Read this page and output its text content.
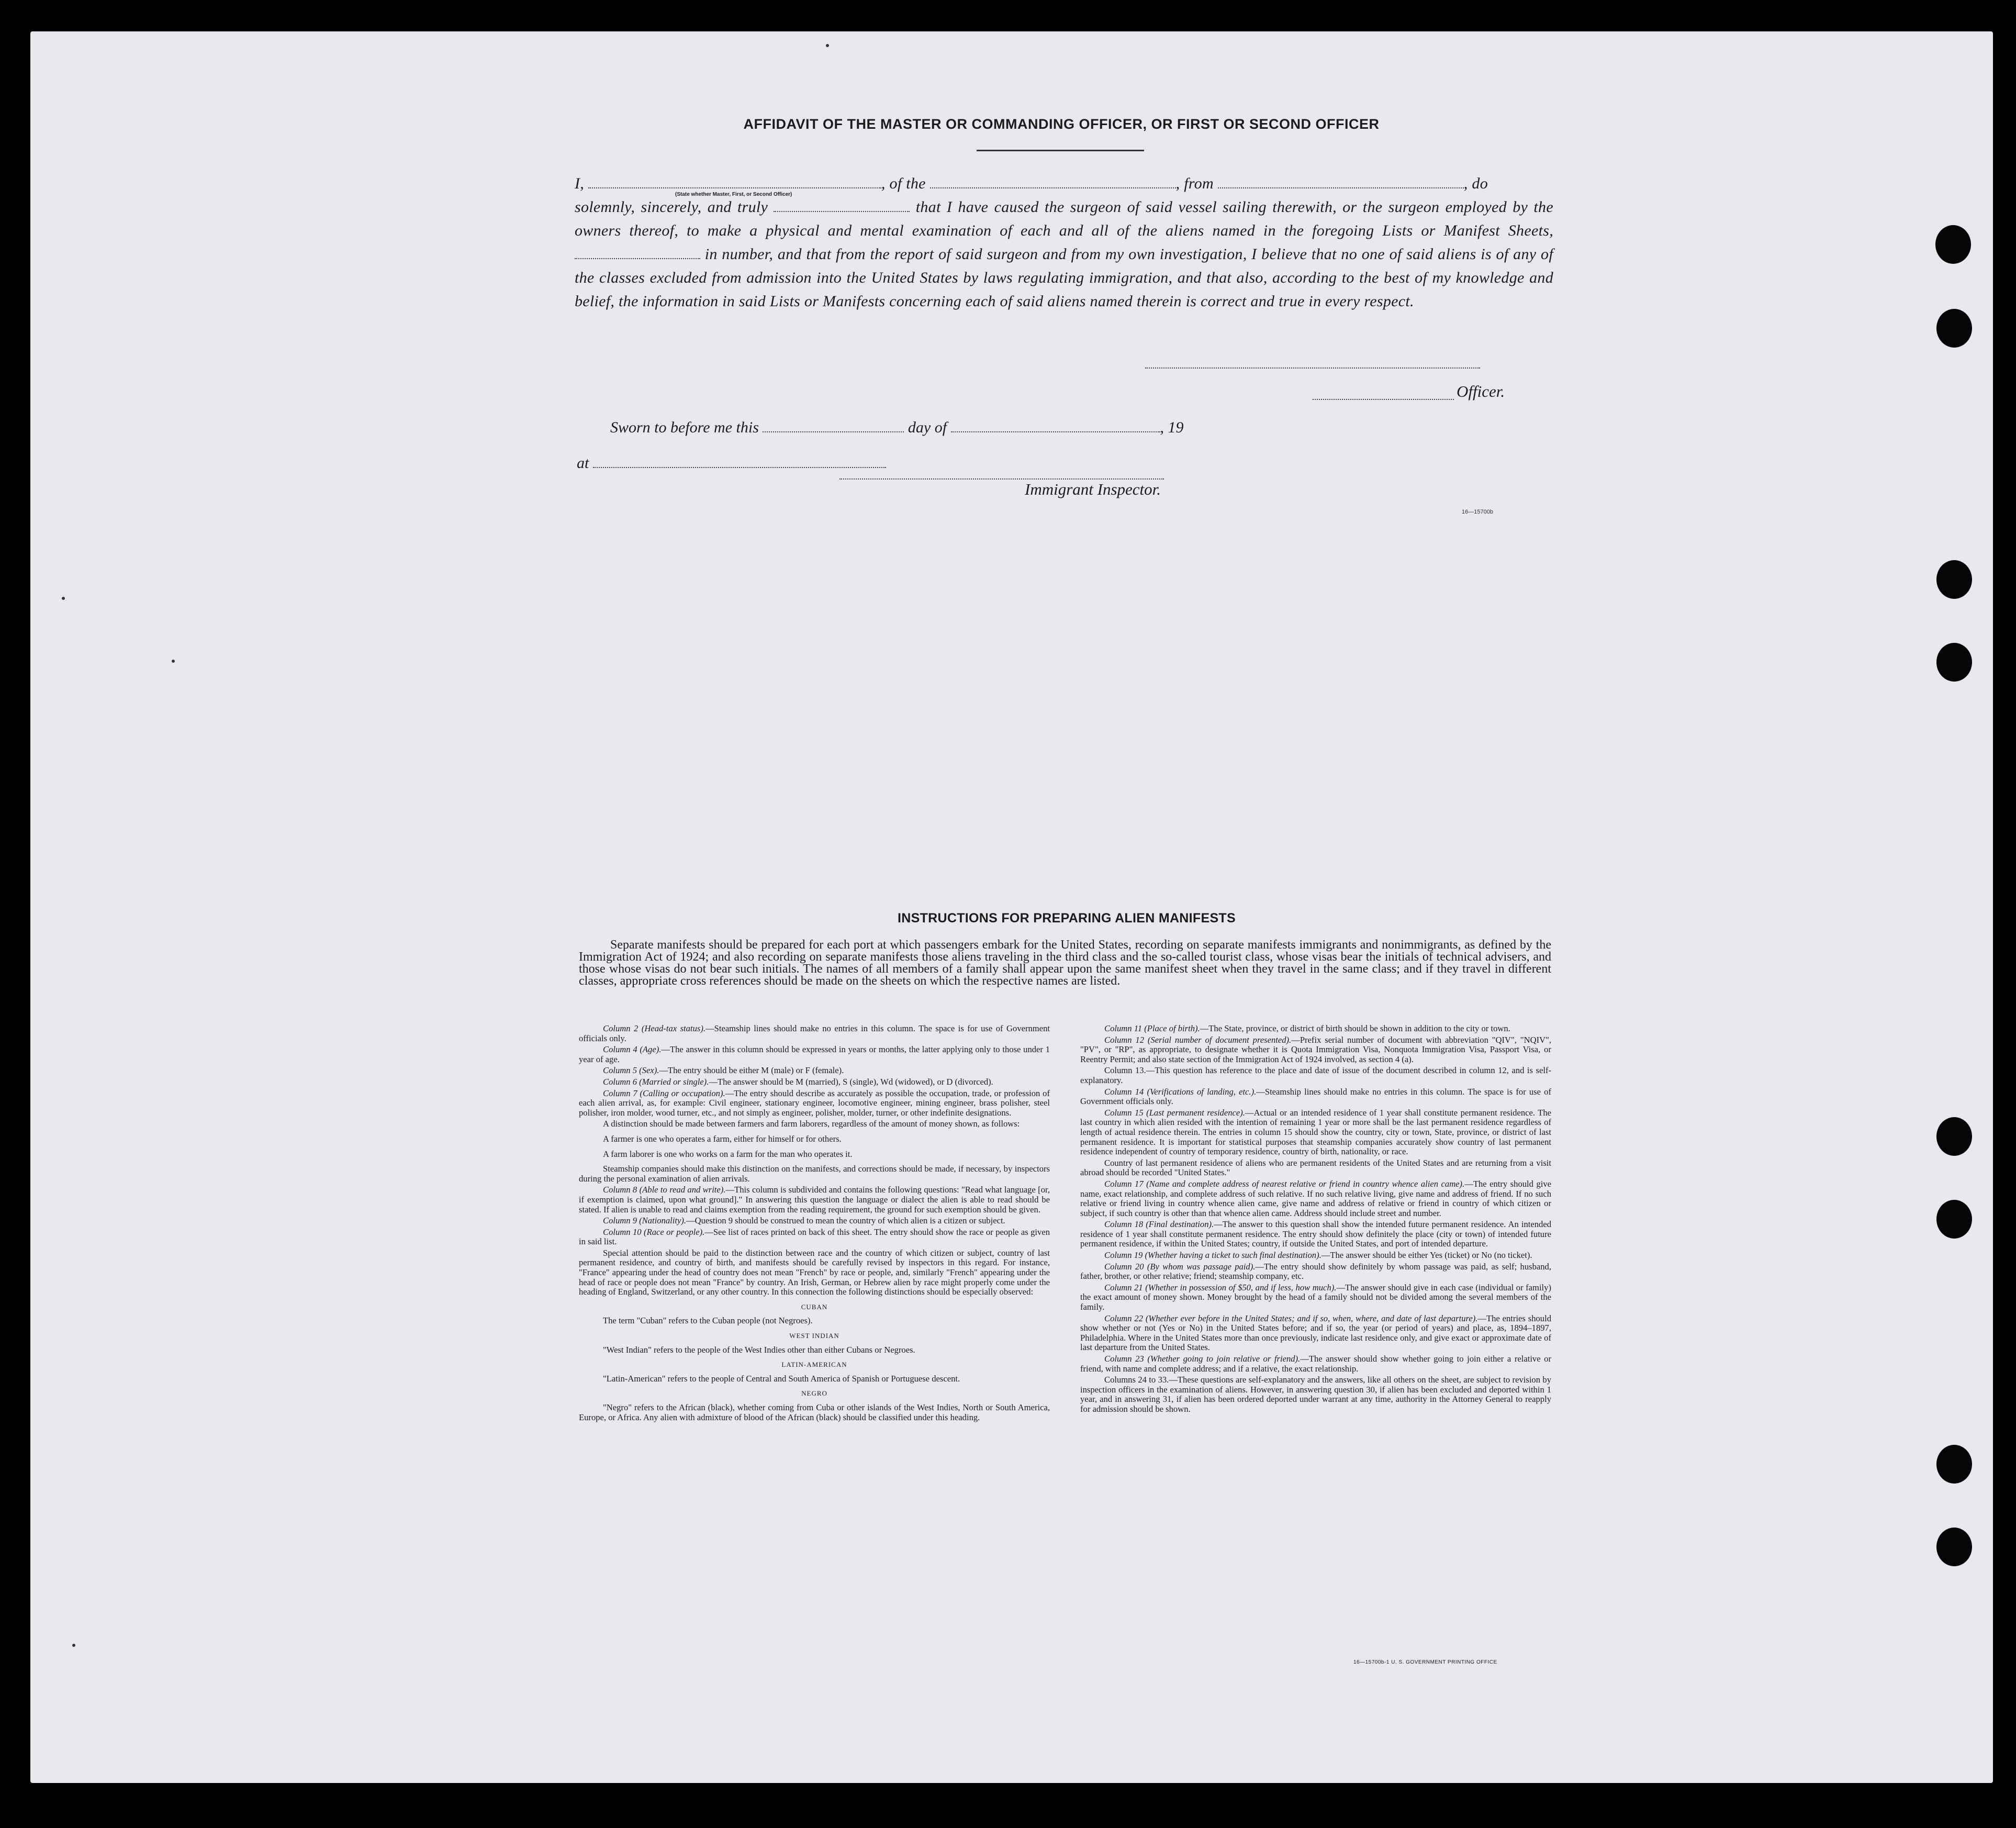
AFFIDAVIT OF THE MASTER OR COMMANDING OFFICER, OR FIRST OR SECOND OFFICER

I,	, of the	, from	, do

solemnly, sincerely, and truly	that I have caused the surgeon of said vessel sailing therewith, or the surgeon employed by the owners thereof, to make a physical and mental examination of each and all of the aliens named in the foregoing Lists or Manifest Sheets,  in number, and that from the report of said surgeon and from my own investigation, I believe that no one of said aliens is of any of the classes excluded from admission into the United States by laws regulating immigration, and that also, according to the best of my knowledge and belief, the information in said Lists or Manifests concerning each of said aliens named therein is correct and true in every respect.

(State whether Master, First, or Second Officer)
Officer.
Sworn to before me this	day of	, 19
at
Immigrant Inspector.
16—15700b
INSTRUCTIONS FOR PREPARING ALIEN MANIFESTS
Separate manifests should be prepared for each port at which passengers embark for the United States, recording on separate manifests immigrants and nonimmigrants, as defined by the Immigration Act of 1924; and also recording on separate manifests those aliens traveling in the third class and the so-called tourist class, whose visas bear the initials of technical advisers, and those whose visas do not bear such initials. The names of all members of a family shall appear upon the same manifest sheet when they travel in the same class; and if they travel in different classes, appropriate cross references should be made on the sheets on which the respective names are listed.

Column 2 (Head-tax status).—Steamship lines should make no entries in this column. The space is for use of Government officials only.

Column 4 (Age).—The answer in this column should be expressed in years or months, the latter applying only to those under 1 year of age.

Column 5 (Sex).—The entry should be either M (male) or F (female).

Column 6 (Married or single).—The answer should be M (married), S (single), Wd (widowed), or D (divorced).

Column 7 (Calling or occupation).—The entry should describe as accurately as possible the occupation, trade, or profession of each alien arrival, as, for example: Civil engineer, stationary engineer, locomotive engineer, mining engineer, brass polisher, steel polisher, iron molder, wood turner, etc., and not simply as engineer, polisher, molder, turner, or other indefinite designations.

A distinction should be made between farmers and farm laborers, regardless of the amount of money shown, as follows:

A farmer is one who operates a farm, either for himself or for others.

A farm laborer is one who works on a farm for the man who operates it.

Steamship companies should make this distinction on the manifests, and corrections should be made, if necessary, by inspectors during the personal examination of alien arrivals.

Column 8 (Able to read and write).—This column is subdivided and contains the following questions: "Read what language [or, if exemption is claimed, upon what ground]." In answering this question the language or dialect the alien is able to read should be stated. If alien is unable to read and claims exemption from the reading requirement, the ground for such exemption should be given.

Column 9 (Nationality).—Question 9 should be construed to mean the country of which alien is a citizen or subject.

Column 10 (Race or people).—See list of races printed on back of this sheet. The entry should show the race or people as given in said list.

Special attention should be paid to the distinction between race and the country of which citizen or subject, country of last permanent residence, and country of birth, and manifests should be carefully revised by inspectors in this regard. For instance, "France" appearing under the head of country does not mean "French" by race or people, and, similarly "French" appearing under the head of race or people does not mean "France" by country. An Irish, German, or Hebrew alien by race might properly come under the heading of England, Switzerland, or any other country. In this connection the following distinctions should be especially observed:

CUBAN

The term "Cuban" refers to the Cuban people (not Negroes).

WEST INDIAN

"West Indian" refers to the people of the West Indies other than either Cubans or Negroes.

LATIN-AMERICAN

"Latin-American" refers to the people of Central and South America of Spanish or Portuguese descent.

NEGRO

"Negro" refers to the African (black), whether coming from Cuba or other islands of the West Indies, North or South America, Europe, or Africa. Any alien with admixture of blood of the African (black) should be classified under this heading.

Column 11 (Place of birth).—The State, province, or district of birth should be shown in addition to the city or town.

Column 12 (Serial number of document presented).—Prefix serial number of document with abbreviation "QIV", "NQIV", "PV", or "RP", as appropriate, to designate whether it is Quota Immigration Visa, Nonquota Immigration Visa, Passport Visa, or Reentry Permit; and also state section of the Immigration Act of 1924 involved, as section 4 (a).

Column 13.—This question has reference to the place and date of issue of the document described in column 12, and is self-explanatory.

Column 14 (Verifications of landing, etc.).—Steamship lines should make no entries in this column. The space is for use of Government officials only.

Column 15 (Last permanent residence).—Actual or an intended residence of 1 year shall constitute permanent residence. The last country in which alien resided with the intention of remaining 1 year or more shall be the last permanent residence regardless of length of actual residence therein. The entries in column 15 should show the country, city or town, State, province, or district of last permanent residence. It is important for statistical purposes that steamship companies accurately show country of last permanent residence independent of country of temporary residence, country of birth, nationality, or race.

Country of last permanent residence of aliens who are permanent residents of the United States and are returning from a visit abroad should be recorded "United States."

Column 17 (Name and complete address of nearest relative or friend in country whence alien came).—The entry should give name, exact relationship, and complete address of such relative. If no such relative living, give name and address of friend. If no such relative or friend living in country whence alien came, give name and address of relative or friend in country of which citizen or subject, if such country is other than that whence alien came. Address should include street and number.

Column 18 (Final destination).—The answer to this question shall show the intended future permanent residence. An intended residence of 1 year shall constitute permanent residence. The entry should show definitely the place (city or town) of intended future permanent residence, if within the United States; country, if outside the United States, and port of intended departure.

Column 19 (Whether having a ticket to such final destination).—The answer should be either Yes (ticket) or No (no ticket).

Column 20 (By whom was passage paid).—The entry should show definitely by whom passage was paid, as self; husband, father, brother, or other relative; friend; steamship company, etc.

Column 21 (Whether in possession of $50, and if less, how much).—The answer should give in each case (individual or family) the exact amount of money shown. Money brought by the head of a family should not be divided among the several members of the family.

Column 22 (Whether ever before in the United States; and if so, when, where, and date of last departure).—The entries should show whether or not (Yes or No) in the United States before; and if so, the year (or period of years) and place, as, 1894–1897, Philadelphia. Where in the United States more than once previously, indicate last residence only, and give exact or approximate date of last departure from the United States.

Column 23 (Whether going to join relative or friend).—The answer should show whether going to join either a relative or friend, with name and complete address; and if a relative, the exact relationship.

Columns 24 to 33.—These questions are self-explanatory and the answers, like all others on the sheet, are subject to revision by inspection officers in the examination of aliens. However, in answering question 30, if alien has been excluded and deported within 1 year, and in answering 31, if alien has been ordered deported under warrant at any time, authority in the Attorney General to reapply for admission should be shown.

16—15700b-1 U. S. GOVERNMENT PRINTING OFFICE
